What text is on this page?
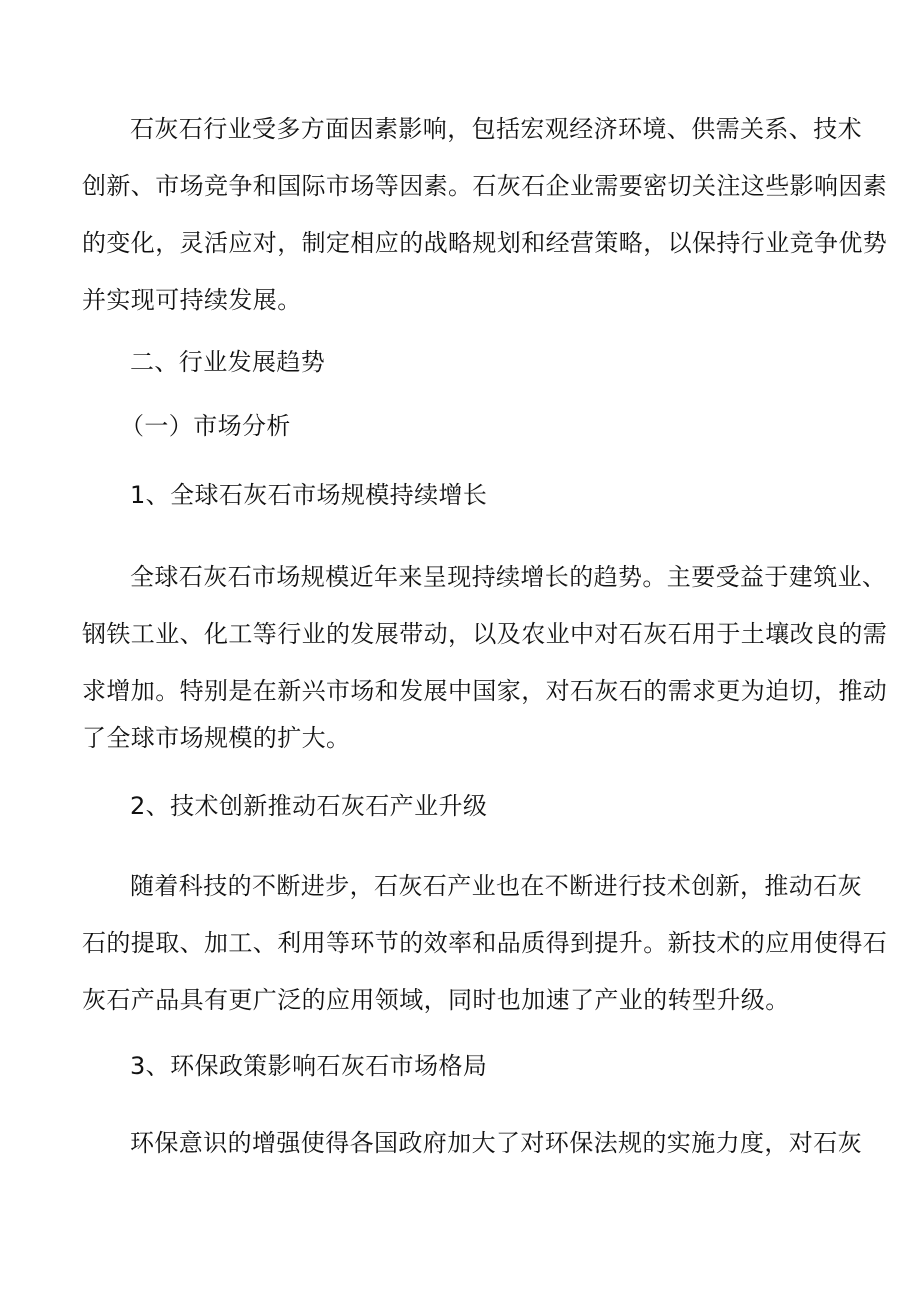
石灰石行业受多方面因素影响，包括宏观经济环境、供需关系、技术
创新、市场竞争和国际市场等因素。石灰石企业需要密切关注这些影响因素
的变化，灵活应对，制定相应的战略规划和经营策略，以保持行业竞争优势
并实现可持续发展。
二、行业发展趋势
（一）市场分析
1、全球石灰石市场规模持续增长
全球石灰石市场规模近年来呈现持续增长的趋势。主要受益于建筑业、
钢铁工业、化工等行业的发展带动，以及农业中对石灰石用于土壤改良的需
求增加。特别是在新兴市场和发展中国家，对石灰石的需求更为迫切，推动
了全球市场规模的扩大。
2、技术创新推动石灰石产业升级
随着科技的不断进步，石灰石产业也在不断进行技术创新，推动石灰
石的提取、加工、利用等环节的效率和品质得到提升。新技术的应用使得石
灰石产品具有更广泛的应用领域，同时也加速了产业的转型升级。
3、环保政策影响石灰石市场格局
环保意识的增强使得各国政府加大了对环保法规的实施力度，对石灰
